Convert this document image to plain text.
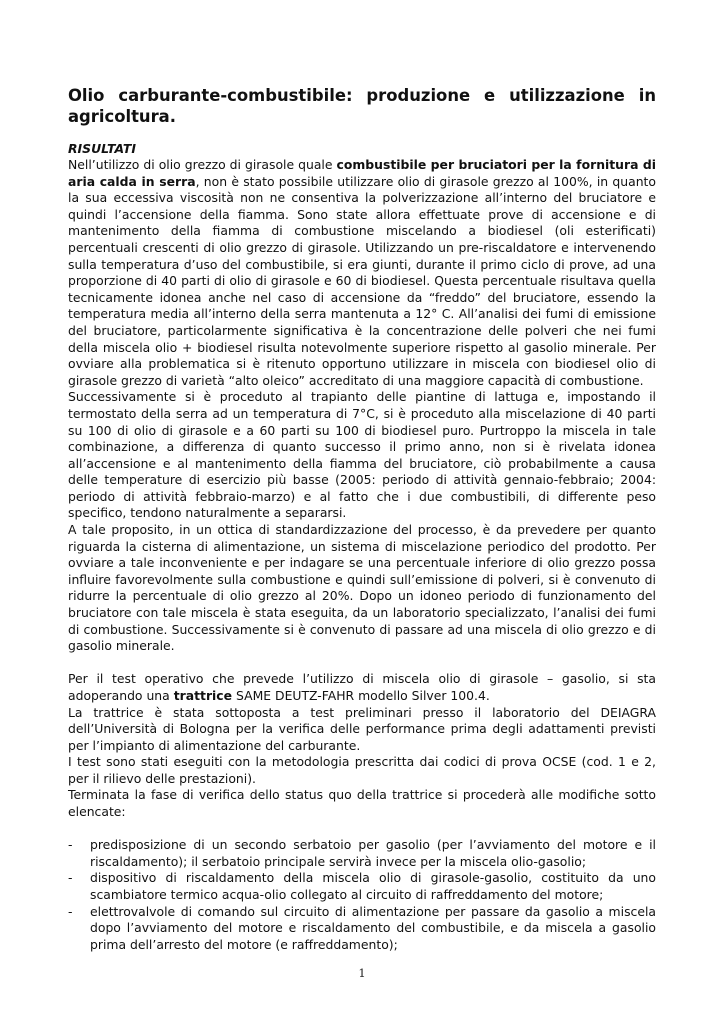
Olio carburante-combustibile: produzione e utilizzazione in agricoltura.
RISULTATI

Nell’utilizzo di olio grezzo di girasole quale combustibile per bruciatori per la fornitura di aria calda in serra, non è stato possibile utilizzare olio di girasole grezzo al 100%, in quanto la sua eccessiva viscosità non ne consentiva la polverizzazione all’interno del bruciatore e quindi l’accensione della fiamma. Sono state allora effettuate prove di accensione e di mantenimento della fiamma di combustione miscelando a biodiesel (oli esterificati) percentuali crescenti di olio grezzo di girasole. Utilizzando un pre-riscaldatore e intervenendo sulla temperatura d’uso del combustibile, si era giunti, durante il primo ciclo di prove, ad una proporzione di 40 parti di olio di girasole e 60 di biodiesel. Questa percentuale risultava quella tecnicamente idonea anche nel caso di accensione da “freddo” del bruciatore, essendo la temperatura media all’interno della serra mantenuta a 12° C. All’analisi dei fumi di emissione del bruciatore, particolarmente significativa è la concentrazione delle polveri che nei fumi della miscela olio + biodiesel risulta notevolmente superiore rispetto al gasolio minerale. Per ovviare alla problematica si è ritenuto opportuno utilizzare in miscela con biodiesel olio di girasole grezzo di varietà “alto oleico” accreditato di una maggiore capacità di combustione.

Successivamente si è proceduto al trapianto delle piantine di lattuga e, impostando il termostato della serra ad un temperatura di 7°C, si è proceduto alla miscelazione di 40 parti su 100 di olio di girasole e a 60 parti su 100 di biodiesel puro. Purtroppo la miscela in tale combinazione, a differenza di quanto successo il primo anno, non si è rivelata idonea all’accensione e al mantenimento della fiamma del bruciatore, ciò probabilmente a causa delle temperature di esercizio più basse (2005: periodo di attività gennaio-febbraio; 2004: periodo di attività febbraio-marzo) e al fatto che i due combustibili, di differente peso specifico, tendono naturalmente a separarsi.

A tale proposito, in un ottica di standardizzazione del processo, è da prevedere per quanto riguarda la cisterna di alimentazione, un sistema di miscelazione periodico del prodotto. Per ovviare a tale inconveniente e per indagare se una percentuale inferiore di olio grezzo possa influire favorevolmente sulla combustione e quindi sull’emissione di polveri, si è convenuto di ridurre la percentuale di olio grezzo al 20%. Dopo un idoneo periodo di funzionamento del bruciatore con tale miscela è stata eseguita, da un laboratorio specializzato, l’analisi dei fumi di combustione. Successivamente si è convenuto di passare ad una miscela di olio grezzo e di gasolio minerale.

Per il test operativo che prevede l’utilizzo di miscela olio di girasole – gasolio, si sta adoperando una trattrice SAME DEUTZ-FAHR modello Silver 100.4.

La trattrice è stata sottoposta a test preliminari presso il laboratorio del DEIAGRA dell’Università di Bologna per la verifica delle performance prima degli adattamenti previsti per l’impianto di alimentazione del carburante.

I test sono stati eseguiti con la metodologia prescritta dai codici di prova OCSE (cod. 1 e 2, per il rilievo delle prestazioni).

Terminata la fase di verifica dello status quo della trattrice si procederà alle modifiche sotto elencate:

- predisposizione di un secondo serbatoio per gasolio (per l’avviamento del motore e il riscaldamento); il serbatoio principale servirà invece per la miscela olio-gasolio;
- dispositivo di riscaldamento della miscela olio di girasole-gasolio, costituito da uno scambiatore termico acqua-olio collegato al circuito di raffreddamento del motore;
- elettrovalvole di comando sul circuito di alimentazione per passare da gasolio a miscela dopo l’avviamento del motore e riscaldamento del combustibile, e da miscela a gasolio prima dell’arresto del motore (e raffreddamento);
1
